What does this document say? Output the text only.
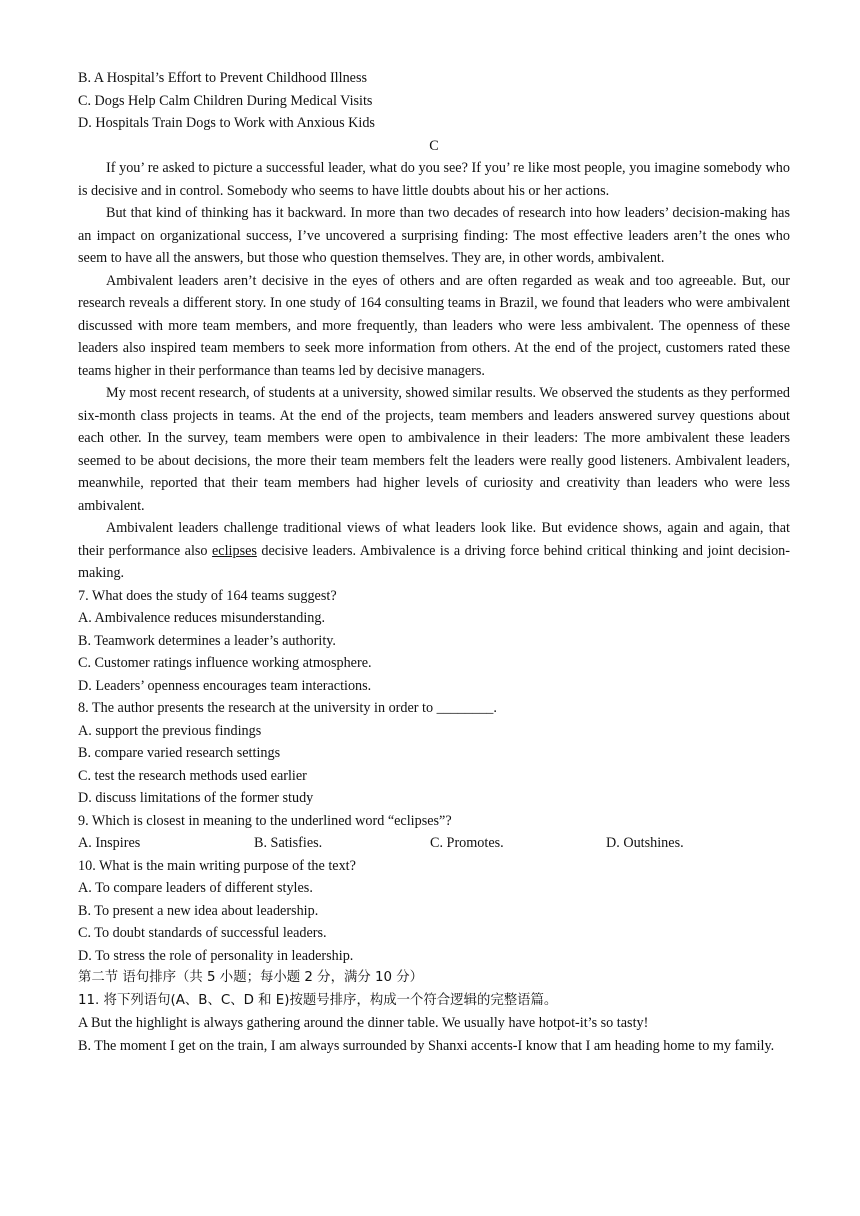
B. A Hospital’s Effort to Prevent Childhood Illness

C. Dogs Help Calm Children During Medical Visits

D. Hospitals Train Dogs to Work with Anxious Kids

C

If you’ re asked to picture a successful leader, what do you see? If you’ re like most people, you imagine somebody who is decisive and in control. Somebody who seems to have little doubts about his or her actions.

But that kind of thinking has it backward. In more than two decades of research into how leaders’ decision-making has an impact on organizational success, I’ve uncovered a surprising finding: The most effective leaders aren’t the ones who seem to have all the answers, but those who question themselves. They are, in other words, ambivalent.

Ambivalent leaders aren’t decisive in the eyes of others and are often regarded as weak and too agreeable. But, our research reveals a different story. In one study of 164 consulting teams in Brazil, we found that leaders who were ambivalent discussed with more team members, and more frequently, than leaders who were less ambivalent. The openness of these leaders also inspired team members to seek more information from others. At the end of the project, customers rated these teams higher in their performance than teams led by decisive managers.

My most recent research, of students at a university, showed similar results. We observed the students as they performed six-month class projects in teams. At the end of the projects, team members and leaders answered survey questions about each other. In the survey, team members were open to ambivalence in their leaders: The more ambivalent these leaders seemed to be about decisions, the more their team members felt the leaders were really good listeners. Ambivalent leaders, meanwhile, reported that their team members had higher levels of curiosity and creativity than leaders who were less ambivalent.

Ambivalent leaders challenge traditional views of what leaders look like. But evidence shows, again and again, that their performance also eclipses decisive leaders. Ambivalence is a driving force behind critical thinking and joint decision-making.

7. What does the study of 164 teams suggest?

A. Ambivalence reduces misunderstanding.

B. Teamwork determines a leader’s authority.

C. Customer ratings influence working atmosphere.

D. Leaders’ openness encourages team interactions.

8. The author presents the research at the university in order to ________.

A. support the previous findings

B. compare varied research settings

C. test the research methods used earlier

D. discuss limitations of the former study

9. Which is closest in meaning to the underlined word “eclipses”?

A. Inspires	B. Satisfies.	C. Promotes.	D. Outshines.

10. What is the main writing purpose of the text?

A. To compare leaders of different styles.

B. To present a new idea about leadership.

C. To doubt standards of successful leaders.

D. To stress the role of personality in leadership.

第二节 语句排序（共 5 小题；每小题 2 分，满分 10 分）

11. 将下列语句(A、B、C、D 和 E)按题号排序，构成一个符合逻辑的完整语篇。

A But the highlight is always gathering around the dinner table. We usually have hotpot-it’s so tasty!

B. The moment I get on the train, I am always surrounded by Shanxi accents-I know that I am heading home to my family.
